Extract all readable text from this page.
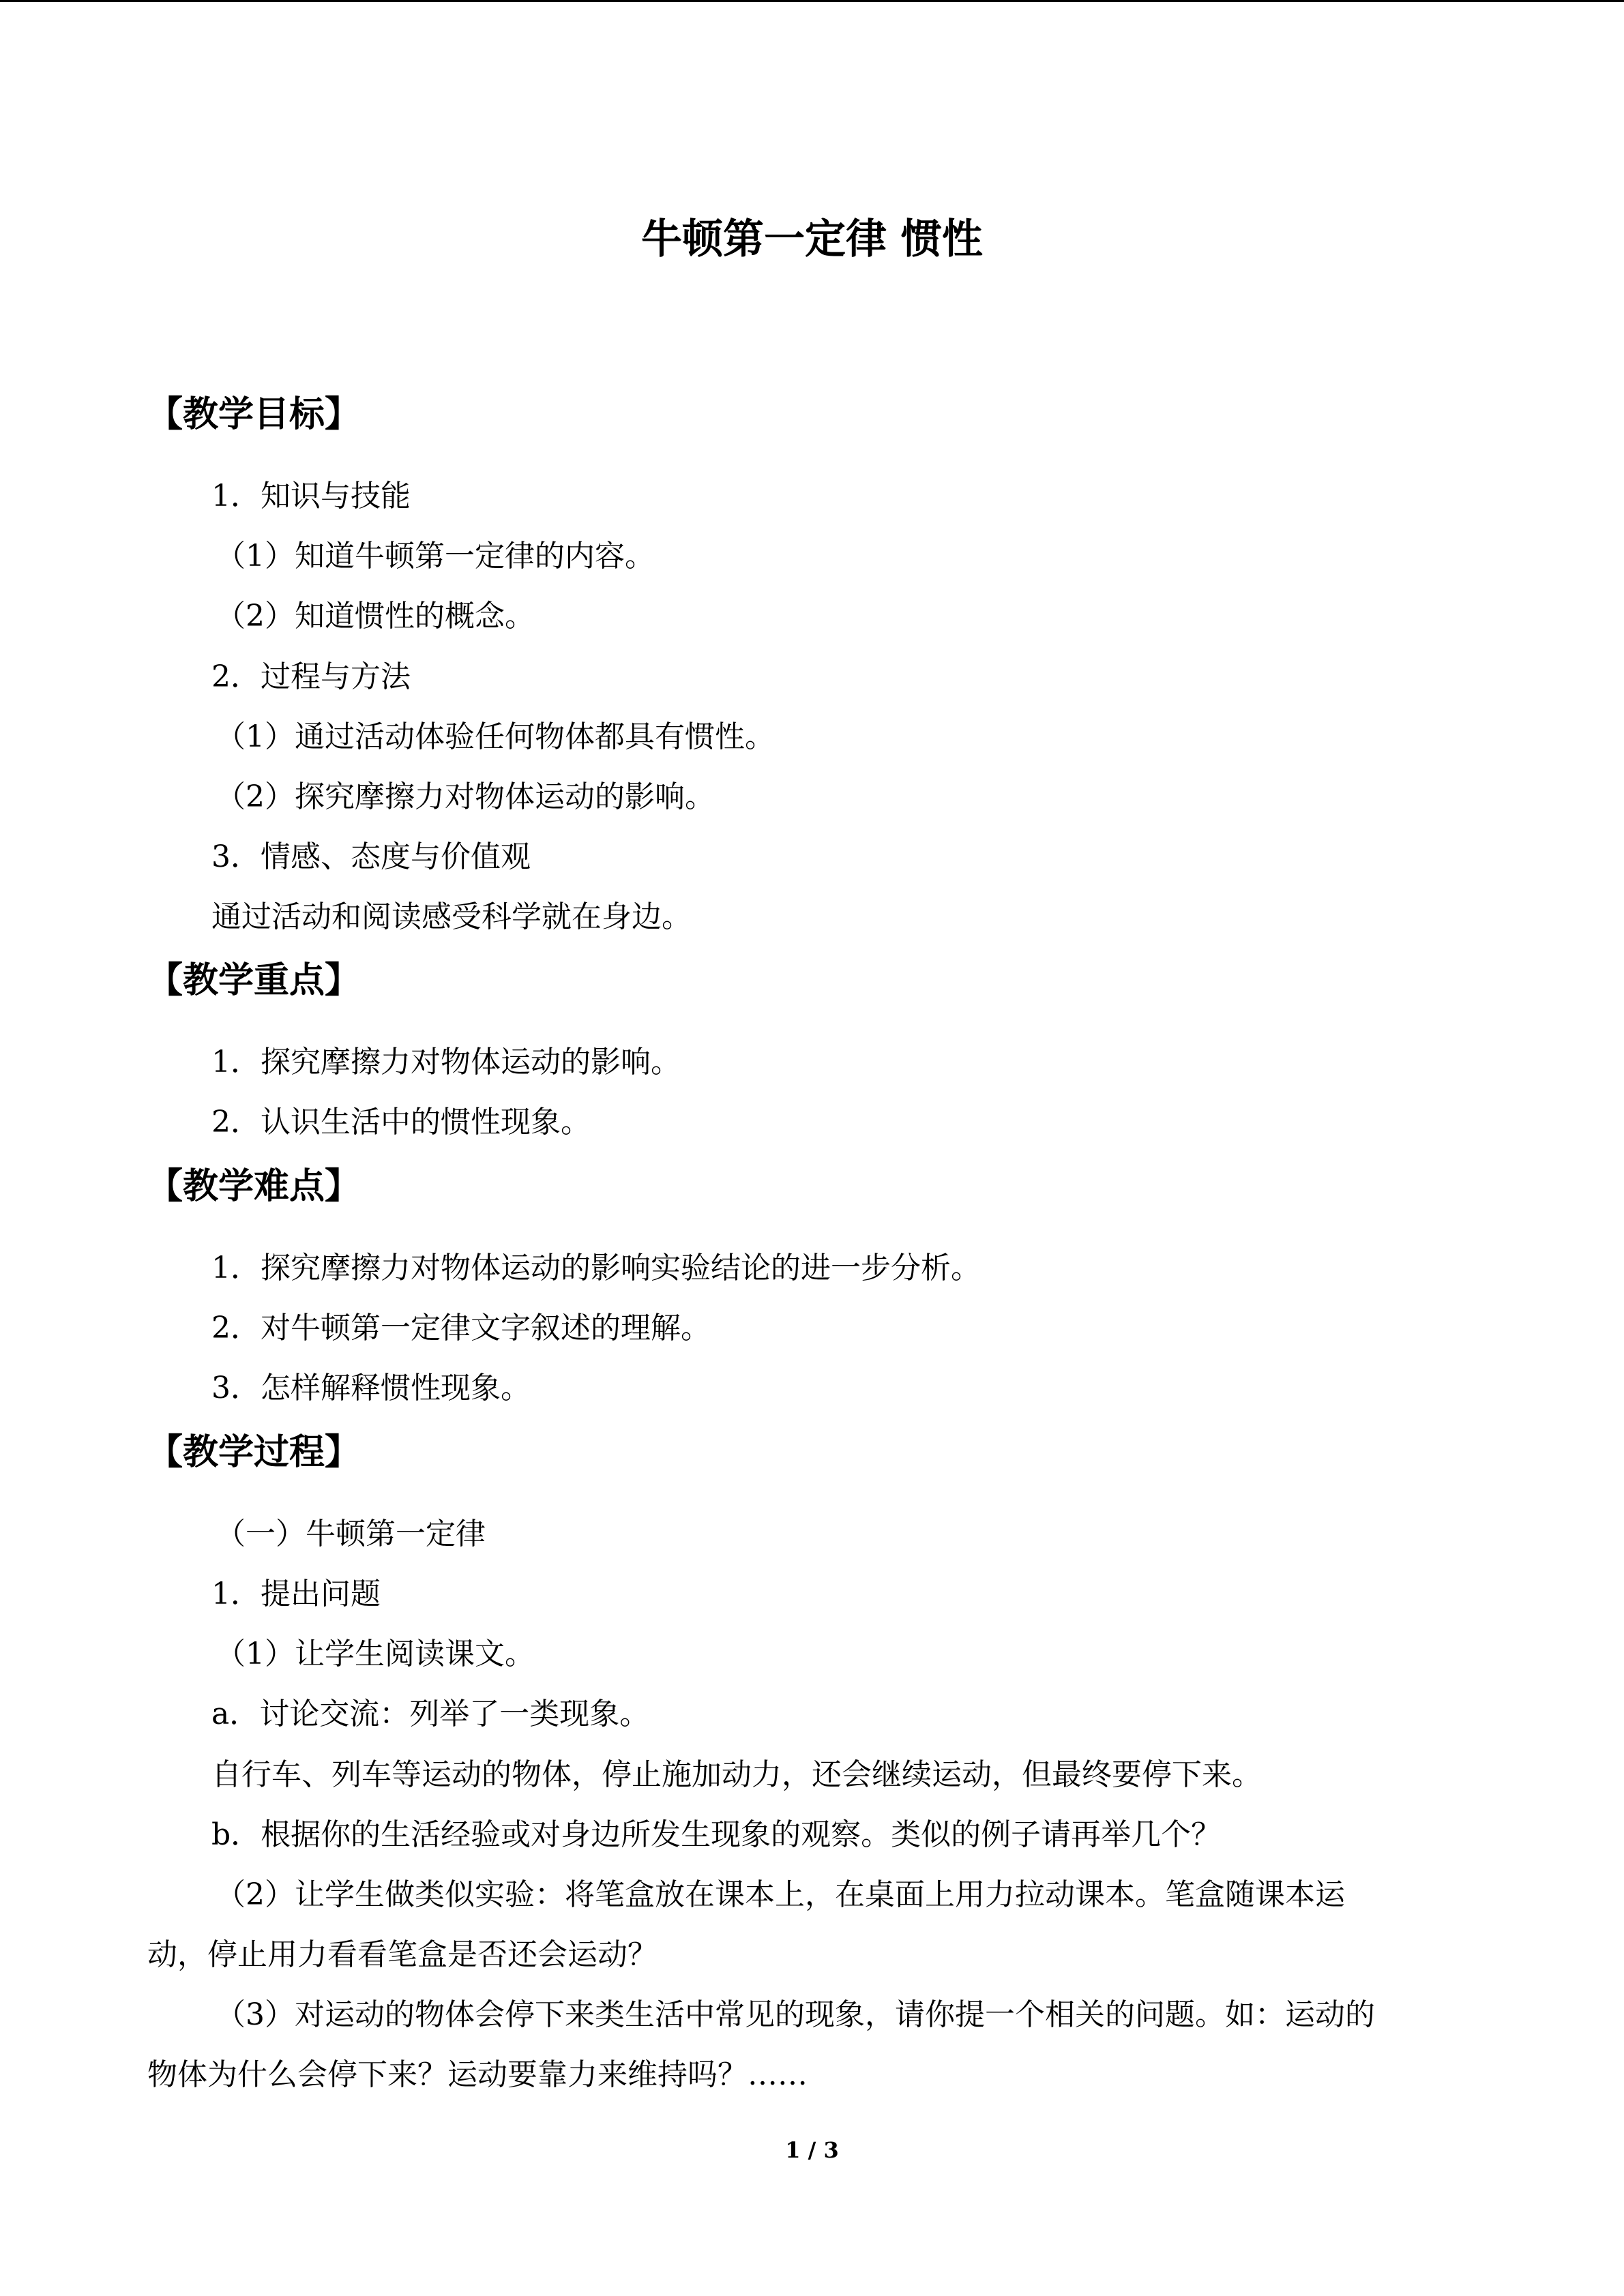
牛顿第一定律 惯性
【教学目标】
1．知识与技能
（1）知道牛顿第一定律的内容。
（2）知道惯性的概念。
2．过程与方法
（1）通过活动体验任何物体都具有惯性。
（2）探究摩擦力对物体运动的影响。
3．情感、态度与价值观
通过活动和阅读感受科学就在身边。
【教学重点】
1．探究摩擦力对物体运动的影响。
2．认识生活中的惯性现象。
【教学难点】
1．探究摩擦力对物体运动的影响实验结论的进一步分析。
2．对牛顿第一定律文字叙述的理解。
3．怎样解释惯性现象。
【教学过程】
（一）牛顿第一定律
1．提出问题
（1）让学生阅读课文。
a．讨论交流：列举了一类现象。
自行车、列车等运动的物体，停止施加动力，还会继续运动，但最终要停下来。
b．根据你的生活经验或对身边所发生现象的观察。类似的例子请再举几个？
（2）让学生做类似实验：将笔盒放在课本上，在桌面上用力拉动课本。笔盒随课本运
动，停止用力看看笔盒是否还会运动？
（3）对运动的物体会停下来类生活中常见的现象，请你提一个相关的问题。如：运动的
物体为什么会停下来？运动要靠力来维持吗？……
1 / 3
